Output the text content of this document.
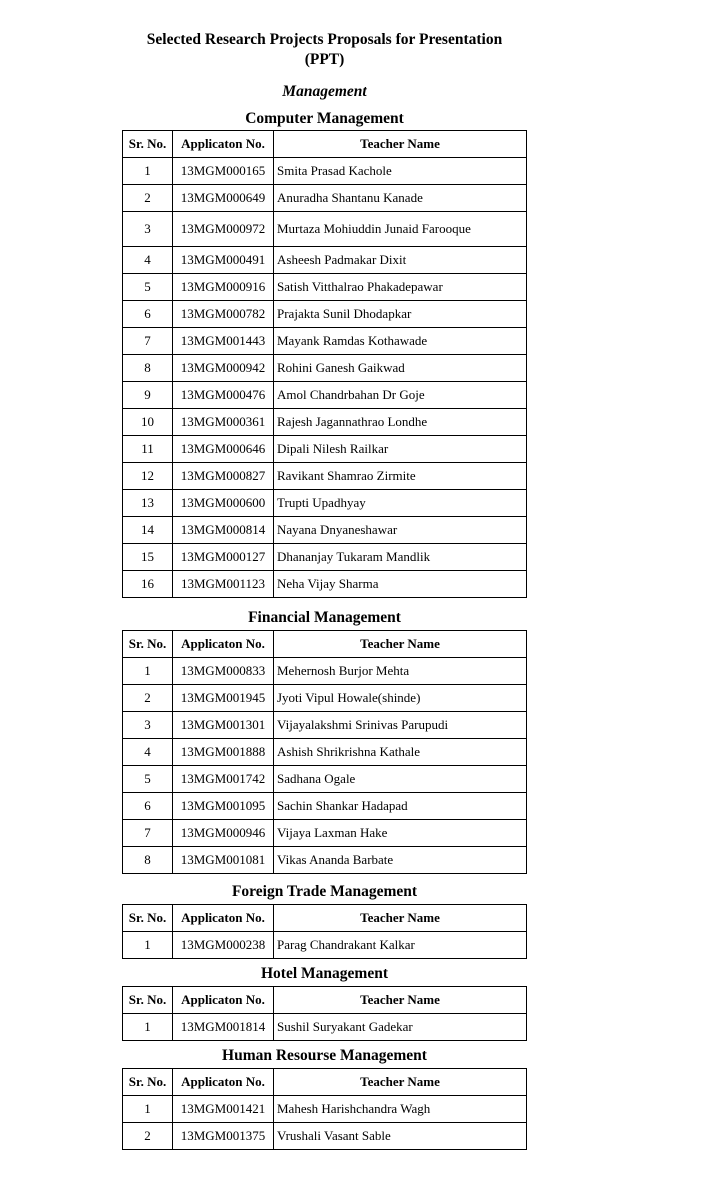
Selected Research Projects Proposals for Presentation
(PPT)
Management
Computer Management
Sr. No.	Applicaton No.	Teacher Name
1	13MGM000165	Smita Prasad Kachole
2	13MGM000649	Anuradha Shantanu Kanade
3	13MGM000972	Murtaza Mohiuddin Junaid Farooque
4	13MGM000491	Asheesh Padmakar Dixit
5	13MGM000916	Satish Vitthalrao Phakadepawar
6	13MGM000782	Prajakta Sunil Dhodapkar
7	13MGM001443	Mayank Ramdas Kothawade
8	13MGM000942	Rohini Ganesh Gaikwad
9	13MGM000476	Amol Chandrbahan Dr Goje
10	13MGM000361	Rajesh Jagannathrao Londhe
11	13MGM000646	Dipali Nilesh Railkar
12	13MGM000827	Ravikant Shamrao Zirmite
13	13MGM000600	Trupti Upadhyay
14	13MGM000814	Nayana Dnyaneshawar
15	13MGM000127	Dhananjay Tukaram Mandlik
16	13MGM001123	Neha Vijay Sharma
Financial Management
Sr. No.	Applicaton No.	Teacher Name
1	13MGM000833	Mehernosh Burjor Mehta
2	13MGM001945	Jyoti Vipul Howale(shinde)
3	13MGM001301	Vijayalakshmi Srinivas Parupudi
4	13MGM001888	Ashish Shrikrishna Kathale
5	13MGM001742	Sadhana Ogale
6	13MGM001095	Sachin Shankar Hadapad
7	13MGM000946	Vijaya Laxman Hake
8	13MGM001081	Vikas Ananda Barbate
Foreign Trade Management
Sr. No.	Applicaton No.	Teacher Name
1	13MGM000238	Parag Chandrakant Kalkar
Hotel Management
Sr. No.	Applicaton No.	Teacher Name
1	13MGM001814	Sushil Suryakant Gadekar
Human Resourse Management
Sr. No.	Applicaton No.	Teacher Name
1	13MGM001421	Mahesh Harishchandra Wagh
2	13MGM001375	Vrushali Vasant Sable
